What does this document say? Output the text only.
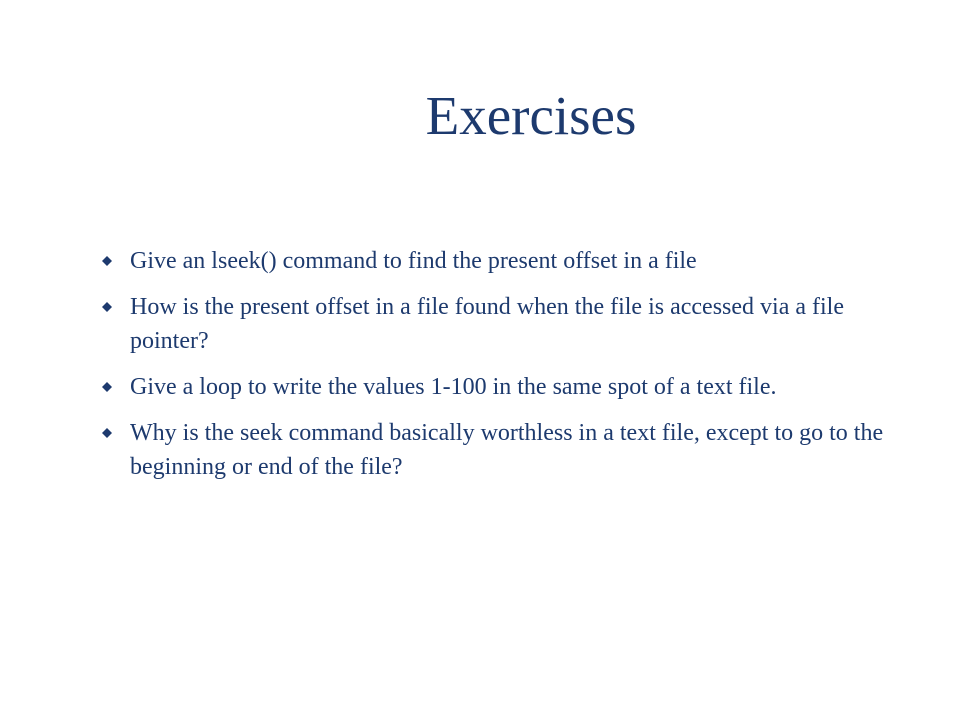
Exercises
Give an lseek() command to find the present offset in a file
How is the present offset in a file found when the file is accessed via a file pointer?
Give a loop to write the values 1-100 in the same spot of a text file.
Why is the seek command basically worthless in a text file, except to go to the beginning or end of the file?
